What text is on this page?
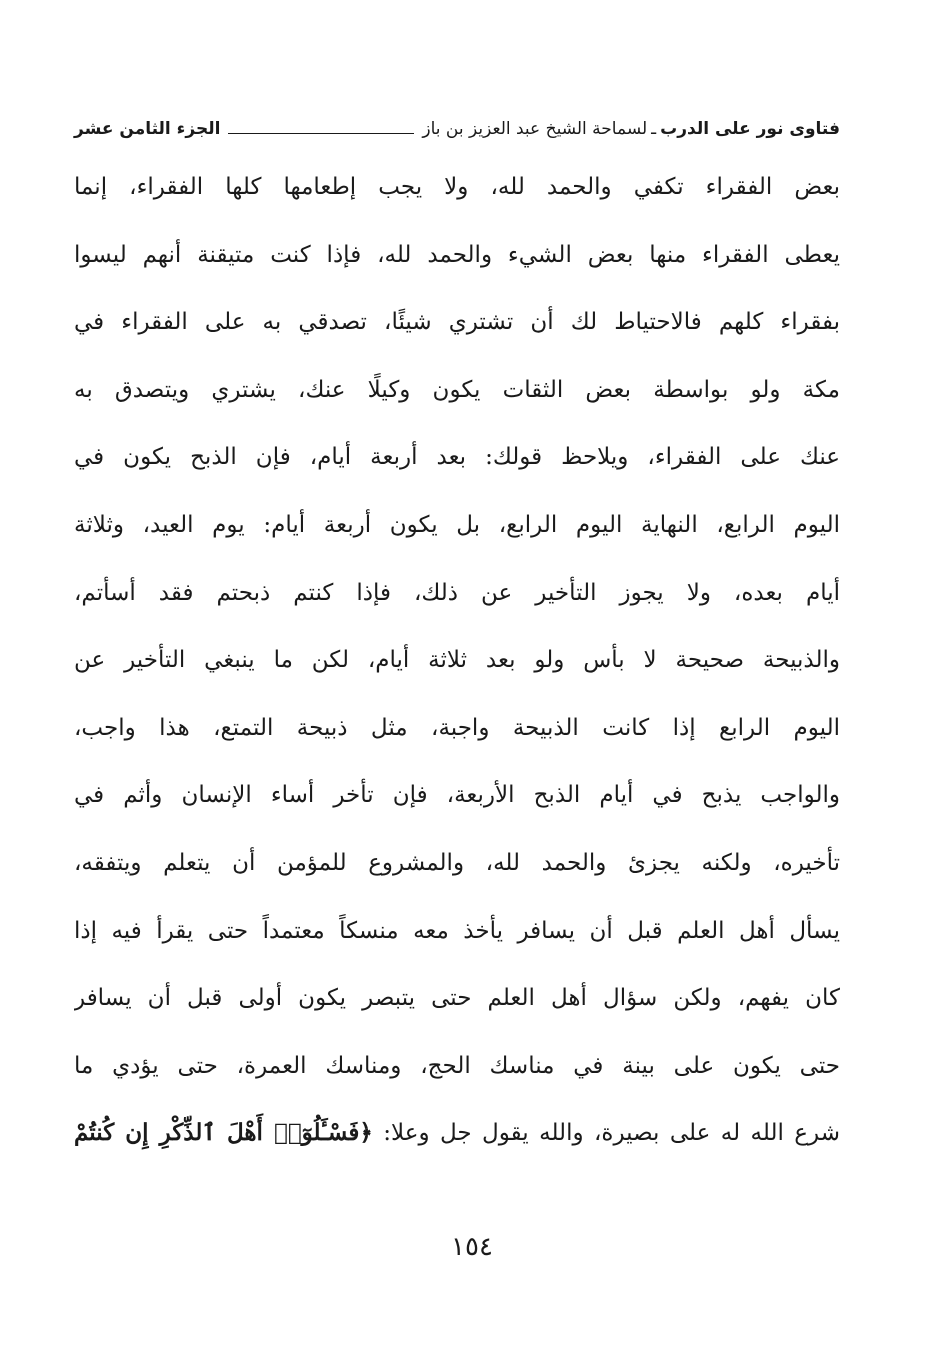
فتاوى نور على الدرب
ـ
لسماحة الشيخ عبد العزيز بن باز
الجزء الثامن عشر
بعض الفقراء تكفي والحمد لله، ولا يجب إطعامها كلها الفقراء، إنما
يعطى الفقراء منها بعض الشيء والحمد لله، فإذا كنت متيقنة أنهم ليسوا
بفقراء كلهم فالاحتياط لك أن تشتري شيئًا، تصدقي به على الفقراء في
مكة ولو بواسطة بعض الثقات يكون وكيلًا عنك، يشتري ويتصدق به
عنك على الفقراء، ويلاحظ قولك: بعد أربعة أيام، فإن الذبح يكون في
اليوم الرابع، النهاية اليوم الرابع، بل يكون أربعة أيام: يوم العيد، وثلاثة
أيام بعده، ولا يجوز التأخير عن ذلك، فإذا كنتم ذبحتم فقد أسأتم،
والذبيحة صحيحة لا بأس ولو بعد ثلاثة أيام، لكن ما ينبغي التأخير عن
اليوم الرابع إذا كانت الذبيحة واجبة، مثل ذبيحة التمتع، هذا واجب،
والواجب يذبح في أيام الذبح الأربعة، فإن تأخر أساء الإنسان وأثم في
تأخيره، ولكنه يجزئ والحمد لله، والمشروع للمؤمن أن يتعلم ويتفقه،
يسأل أهل العلم قبل أن يسافر يأخذ معه منسكاً معتمداً حتى يقرأ فيه إذا
كان يفهم، ولكن سؤال أهل العلم حتى يتبصر يكون أولى قبل أن يسافر
حتى يكون على بينة في مناسك الحج، ومناسك العمرة، حتى يؤدي ما
شرع الله له على بصيرة، والله يقول جل وعلا: ﴿فَسْـَٔلُوٓا۟ أَهْلَ ٱلذِّكْرِ إِن كُنتُمْ
١٥٤
